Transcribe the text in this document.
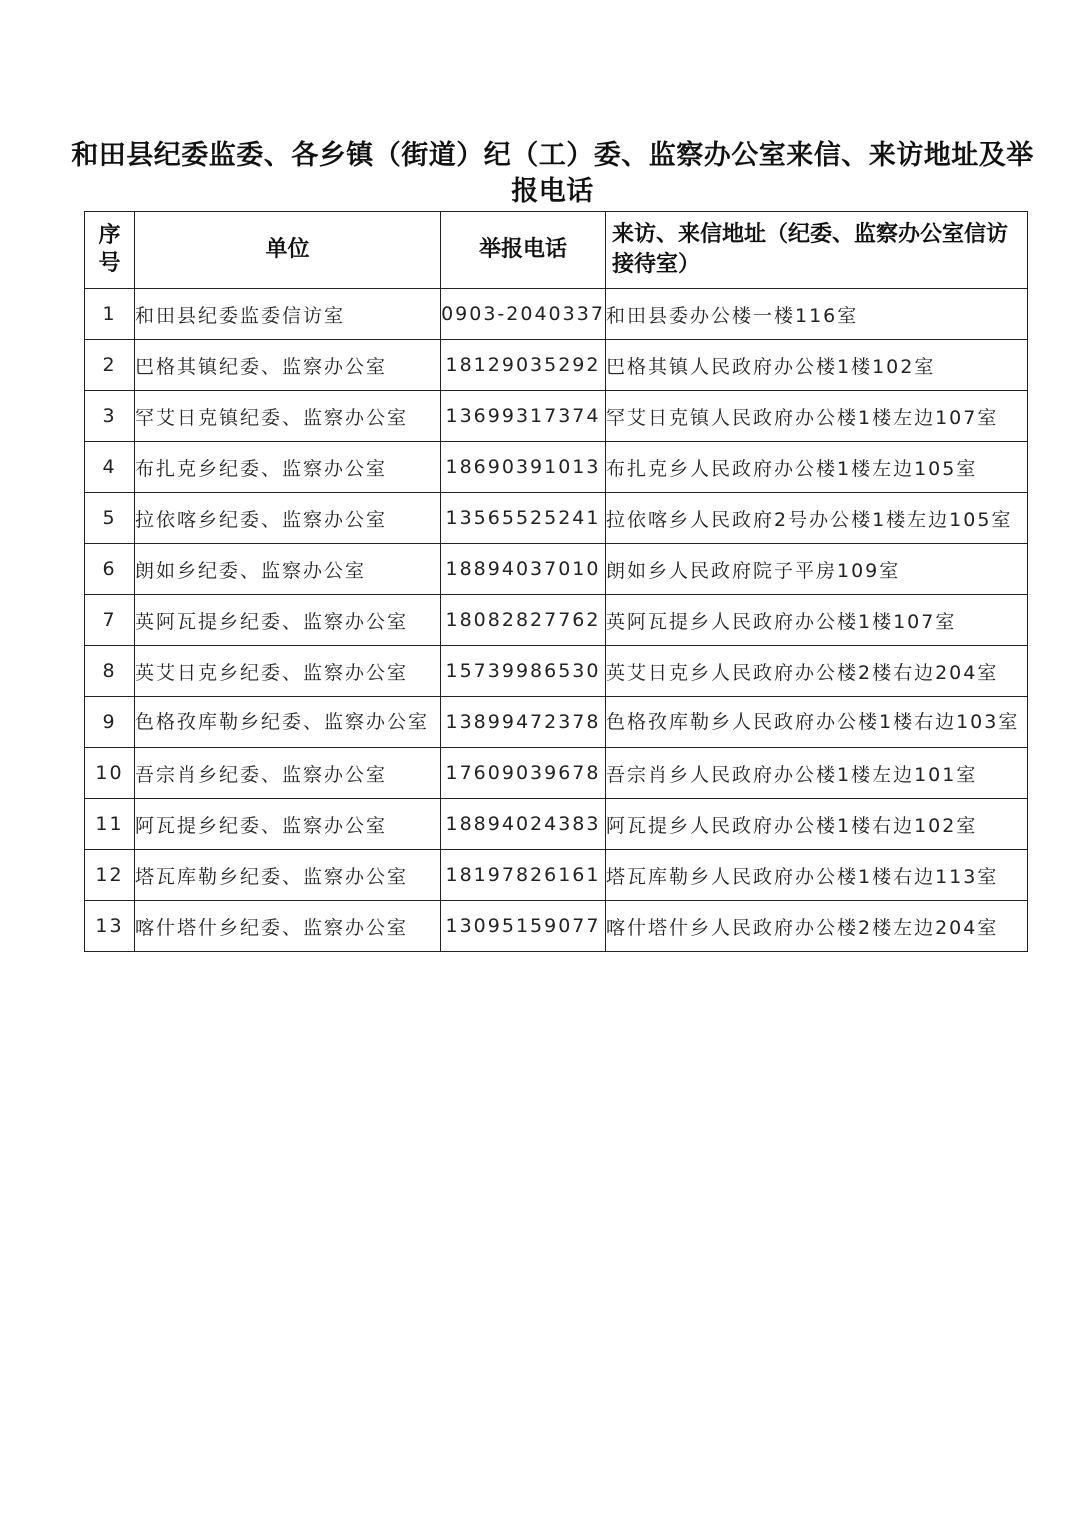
和田县纪委监委、各乡镇（街道）纪（工）委、监察办公室来信、来访地址及举报电话
序号	单位	举报电话	来访、来信地址（纪委、监察办公室信访接待室）
1	和田县纪委监委信访室	0903-2040337	和田县委办公楼一楼116室
2	巴格其镇纪委、监察办公室	18129035292	巴格其镇人民政府办公楼1楼102室
3	罕艾日克镇纪委、监察办公室	13699317374	罕艾日克镇人民政府办公楼1楼左边107室
4	布扎克乡纪委、监察办公室	18690391013	布扎克乡人民政府办公楼1楼左边105室
5	拉依喀乡纪委、监察办公室	13565525241	拉依喀乡人民政府2号办公楼1楼左边105室
6	朗如乡纪委、监察办公室	18894037010	朗如乡人民政府院子平房109室
7	英阿瓦提乡纪委、监察办公室	18082827762	英阿瓦提乡人民政府办公楼1楼107室
8	英艾日克乡纪委、监察办公室	15739986530	英艾日克乡人民政府办公楼2楼右边204室
9	色格孜库勒乡纪委、监察办公室	13899472378	色格孜库勒乡人民政府办公楼1楼右边103室
10	吾宗肖乡纪委、监察办公室	17609039678	吾宗肖乡人民政府办公楼1楼左边101室
11	阿瓦提乡纪委、监察办公室	18894024383	阿瓦提乡人民政府办公楼1楼右边102室
12	塔瓦库勒乡纪委、监察办公室	18197826161	塔瓦库勒乡人民政府办公楼1楼右边113室
13	喀什塔什乡纪委、监察办公室	13095159077	喀什塔什乡人民政府办公楼2楼左边204室
